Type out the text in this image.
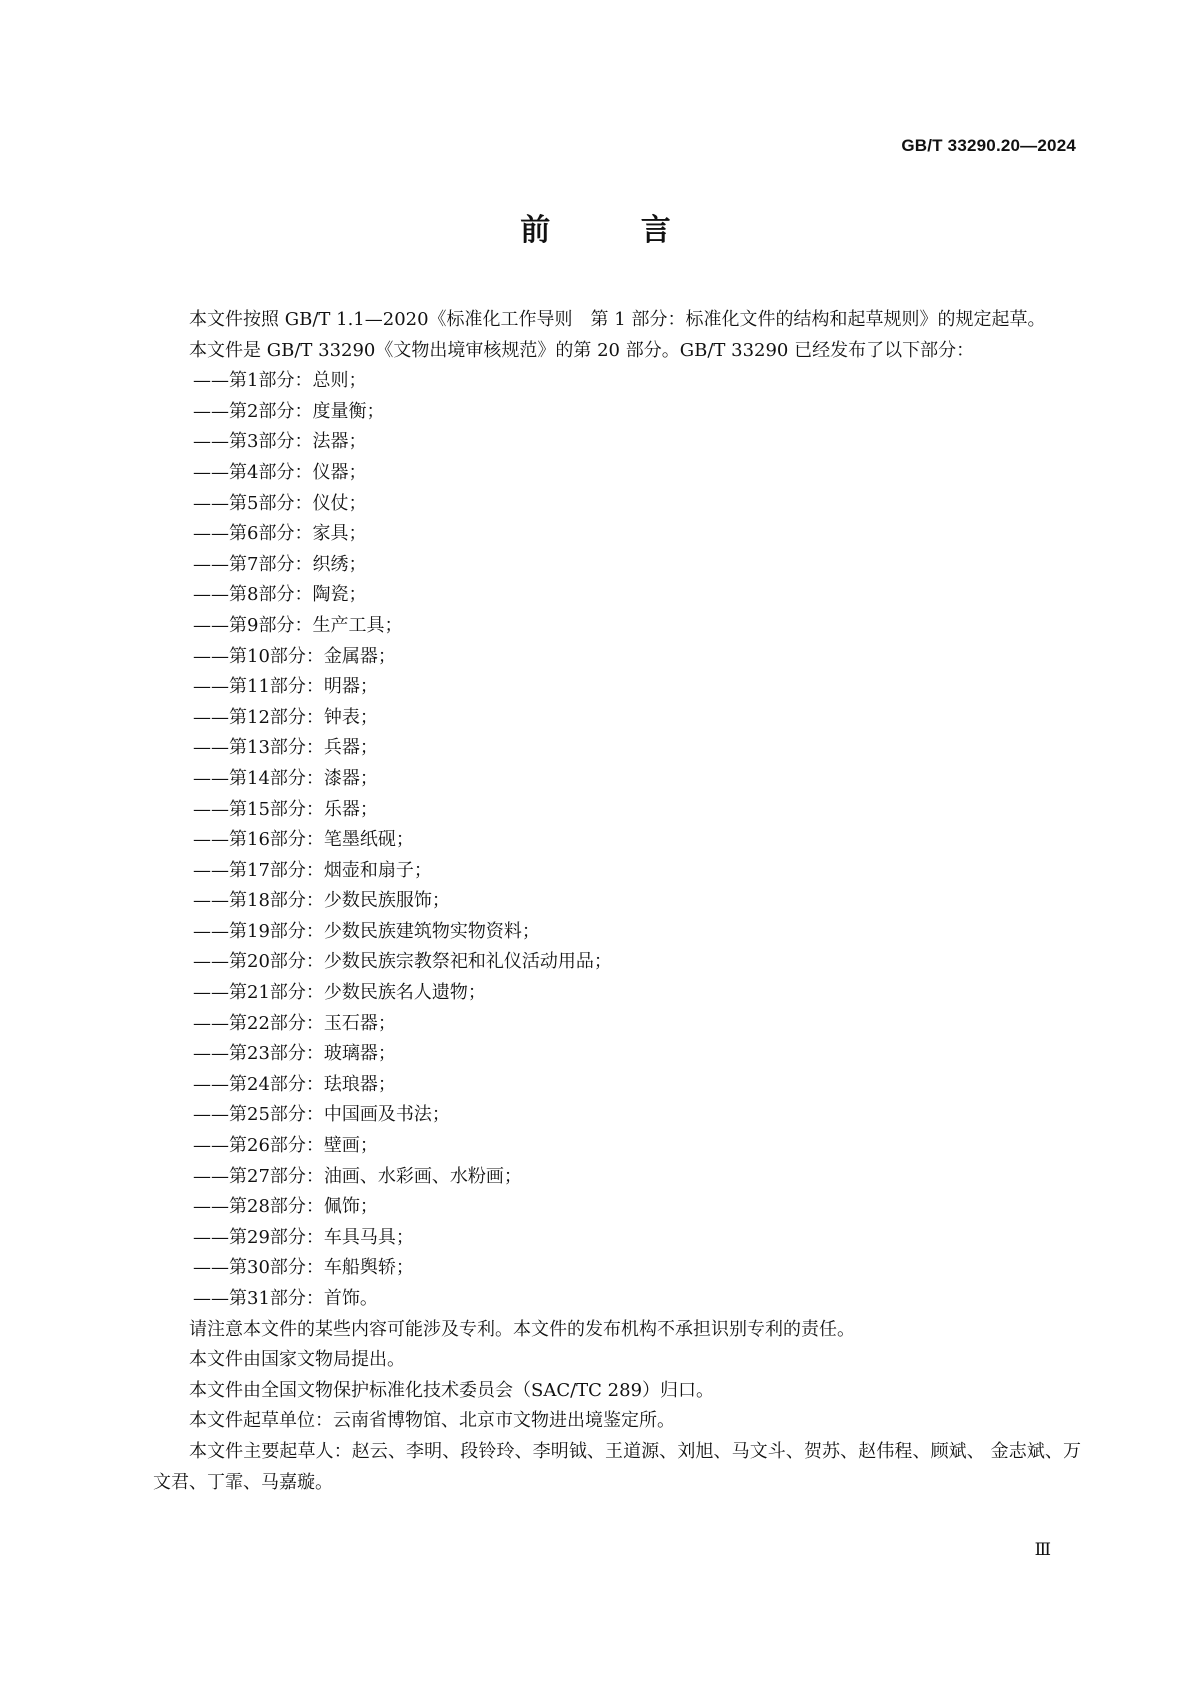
GB/T 33290.20—2024
前 言

本文件按照 GB/T 1.1—2020《标准化工作导则　第 1 部分：标准化文件的结构和起草规则》的规定起草。

本文件是 GB/T 33290《文物出境审核规范》的第 20 部分。GB/T 33290 已经发布了以下部分：

——第1部分：总则；
——第2部分：度量衡；
——第3部分：法器；
——第4部分：仪器；
——第5部分：仪仗；
——第6部分：家具；
——第7部分：织绣；
——第8部分：陶瓷；
——第9部分：生产工具；
——第10部分：金属器；
——第11部分：明器；
——第12部分：钟表；
——第13部分：兵器；
——第14部分：漆器；
——第15部分：乐器；
——第16部分：笔墨纸砚；
——第17部分：烟壶和扇子；
——第18部分：少数民族服饰；
——第19部分：少数民族建筑物实物资料；
——第20部分：少数民族宗教祭祀和礼仪活动用品；
——第21部分：少数民族名人遗物；
——第22部分：玉石器；
——第23部分：玻璃器；
——第24部分：珐琅器；
——第25部分：中国画及书法；
——第26部分：壁画；
——第27部分：油画、水彩画、水粉画；
——第28部分：佩饰；
——第29部分：车具马具；
——第30部分：车船舆轿；
——第31部分：首饰。

请注意本文件的某些内容可能涉及专利。本文件的发布机构不承担识别专利的责任。

本文件由国家文物局提出。

本文件由全国文物保护标准化技术委员会（SAC/TC 289）归口。

本文件起草单位：云南省博物馆、北京市文物进出境鉴定所。

本文件主要起草人：赵云、李明、段铃玲、李明钺、王道源、刘旭、马文斗、贺苏、赵伟程、顾斌、 金志斌、万文君、丁霏、马嘉璇。

Ⅲ
